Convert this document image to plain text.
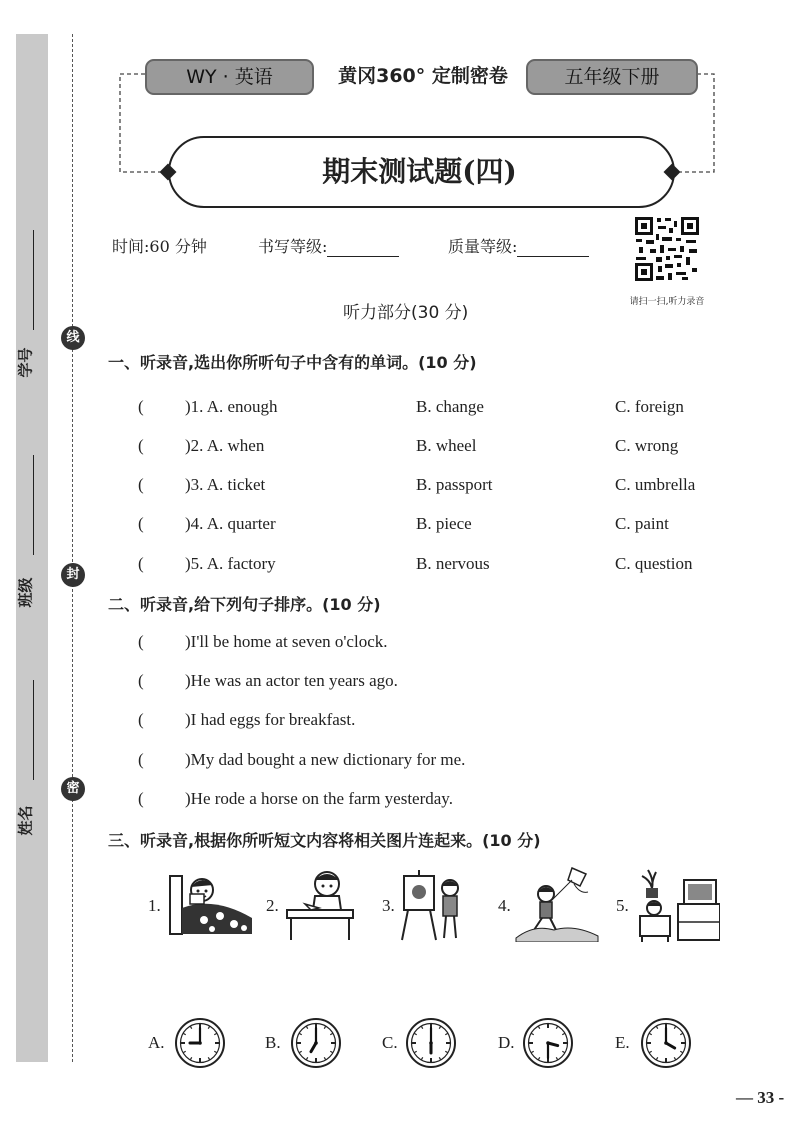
学号
班级
姓名
线
封
密
WY · 英语	黄冈360° 定制密卷	五年级下册
期末测试题(四)
时间:60 分钟	书写等级:	质量等级:
请扫一扫,听力录音
听力部分(30 分)
一、听录音,选出你所听句子中含有的单词。(10 分)
( )1. A. enough	B. change	C. foreign
( )2. A. when	B. wheel	C. wrong
( )3. A. ticket	B. passport	C. umbrella
( )4. A. quarter	B. piece	C. paint
( )5. A. factory	B. nervous	C. question
二、听录音,给下列句子排序。(10 分)
( )I'll be home at seven o'clock.
( )He was an actor ten years ago.
( )I had eggs for breakfast.
( )My dad bought a new dictionary for me.
( )He rode a horse on the farm yesterday.
三、听录音,根据你所听短文内容将相关图片连起来。(10 分)
1.	2.	3.	4.	5.
A.	B.	C.	D.	E.
— 33 -
